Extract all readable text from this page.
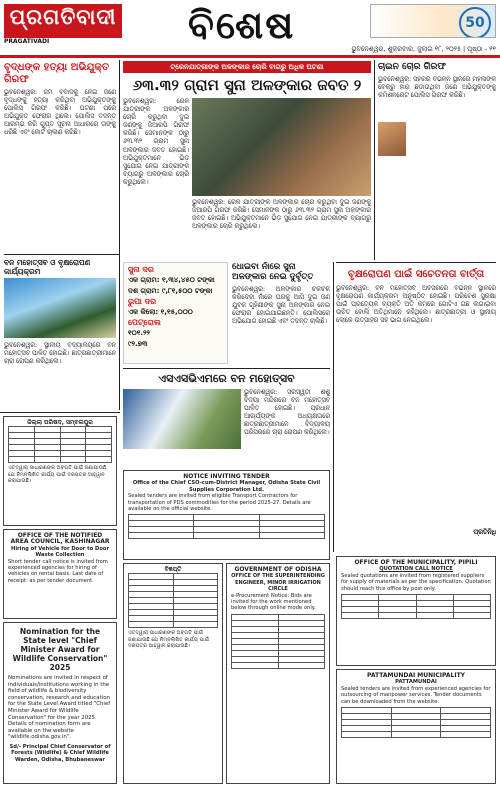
ପ୍ରଗତିବାଦୀ
PRAGATIVADI	ବିଶେଷ	50
ଭୁବନେଶ୍ୱର, ଶୁକ୍ରବାର, ଜୁଲାଇ ୧୮, ୨୦୨୫ | ପୃଷ୍ଠା - ୧୧
ବୃଦ୍ଧଙ୍କ ହତ୍ୟା ଅଭିଯୁକ୍ତ ଗିରଫ
ଭୁବନେଶ୍ୱର: ଜମି ବିବାଦକୁ ନେଇ ଜଣେ ବୃଦ୍ଧଙ୍କୁ ହତ୍ୟା କରିଥିବା ଅଭିଯୁକ୍ତଙ୍କୁ ପୋଲିସ ଗିରଫ କରିଛି। ଘଟଣା ପରେ ଅଭିଯୁକ୍ତ ଫେରାର ଥିଲେ। ପୋଲିସ ତଦନ୍ତ ଆରମ୍ଭ କରି ଗୁପ୍ତ ସୂଚନା ଆଧାରରେ ତାଙ୍କୁ ଧରିଛି ଏବଂ କୋର୍ଟ ଚାଲାଣ କରିଛି।
ଟ୍ରେନଯାତ୍ରୀଙ୍କ ଅଳଙ୍କାର ଚୋରି ବାଗରୁ ଅଧିକ ଘଟଣା
୬୩.୩୨ ଗ୍ରାମ ସୁନା ଅଳଙ୍କାର ଜବତ ୨
ଭୁବନେଶ୍ୱର: ରେଳ ଯାତ୍ରୀଙ୍କ ଅଳଙ୍କାର ଚୋରି କରୁଥିବା ଦୁଇ ଜଣଙ୍କୁ ଜିଆରପି ଗିରଫ କରିଛି। ସେମାନଙ୍କ ଠାରୁ ୬୩.୩୨ ଗ୍ରାମ ସୁନା ଅଳଙ୍କାର ଜବତ ହୋଇଛି। ଅଭିଯୁକ୍ତମାନେ ଭିଡ଼ ସୁଯୋଗ ନେଇ ଯାତ୍ରୀଙ୍କ ବ୍ୟାଗରୁ ଅଳଙ୍କାର ଚୋରି କରୁଥିଲେ।
ଭୁବନେଶ୍ୱର: ରେଳ ଯାତ୍ରୀଙ୍କ ଅଳଙ୍କାର ଚୋରି କରୁଥିବା ଦୁଇ ଜଣଙ୍କୁ ଜିଆରପି ଗିରଫ କରିଛି। ସେମାନଙ୍କ ଠାରୁ ୬୩.୩୨ ଗ୍ରାମ ସୁନା ଅଳଙ୍କାର ଜବତ ହୋଇଛି। ଅଭିଯୁକ୍ତମାନେ ଭିଡ଼ ସୁଯୋଗ ନେଇ ଯାତ୍ରୀଙ୍କ ବ୍ୟାଗରୁ ଅଳଙ୍କାର ଚୋରି କରୁଥିଲେ।
ଚାଇନ ଚୋର ଗିରଫ
ଭୁବନେଶ୍ୱର: ସହରର ବିଭିନ୍ନ ସ୍ଥାନରେ ମହିଳାଙ୍କ ବେକରୁ ହାର ଛଡ଼ାଉଥିବା ଜଣେ ଅଭିଯୁକ୍ତଙ୍କୁ କମିଶନରେଟ ପୋଲିସ ଗିରଫ କରିଛି।
ବୃକ୍ଷରୋପଣ ପାଇଁ ସଚେତନତା ବାର୍ତ୍ତା
ଭୁବନେଶ୍ୱର: ବନ ମହୋତ୍ସବ ଅବସରରେ ବିଭିନ୍ନ ସ୍ଥାନରେ ବୃକ୍ଷରୋପଣ କାର୍ଯ୍ୟକ୍ରମ ଅନୁଷ୍ଠିତ ହୋଇଛି। ପରିବେଶ ସୁରକ୍ଷା ପାଇଁ ପ୍ରତ୍ୟେକ ବ୍ୟକ୍ତି ଅତି କମରେ ଗୋଟିଏ ଗଛ ଲଗାଇବା ଉଚିତ ବୋଲି ଅତିଥିମାନେ କହିଥିଲେ। ଛାତ୍ରଛାତ୍ରୀ ଓ ସ୍ଥାନୀୟ ଲୋକେ ଉତ୍ସାହର ସହ ଭାଗ ନେଇଥିଲେ।
ପ୍ରତିନିଧି
ବନ ମହୋତ୍ସବ ଓ ବୃକ୍ଷରୋପଣ କାର୍ଯ୍ୟକ୍ରମ
ଭୁବନେଶ୍ୱର: ସ୍ଥାନୀୟ ବିଦ୍ୟାଳୟରେ ବନ ମହୋତ୍ସବ ପାଳିତ ହୋଇଛି। ଛାତ୍ରଛାତ୍ରୀମାନେ ଚାରା ରୋପଣ କରିଥିଲେ।
ସୁନା ଦର
ଏକ ଗ୍ରାମ: ୧,୩୪,୪୫୦ ଟଙ୍କା
ଦଶ ଗ୍ରାମ: ୯,୮୧,୫୦୦ ଟଙ୍କା
ରୁପା ଦର
ଏକ କିଲୋ: ୧,୧୫,୦୦୦
ପେଟ୍ରୋଲ
୧୦୧.୨୨
୯୨.୭୩
ଧୋଇବା ନାଁରେ ସୁନା ଅଳଙ୍କାର ନେଇ ଦୁର୍ବୃତ୍ତ
ଭୁବନେଶ୍ୱର: ଅଳଙ୍କାର ଚକଚକ କରିଦେବା ନାଁରେ ଘରକୁ ଆସି ଦୁଇ ଜଣ ଯୁବକ ଗୃହିଣୀଙ୍କ ସୁନା ଅଳଙ୍କାର ନେଇ ଫେରାର ହୋଇଯାଇଛନ୍ତି। ପୋଲିସରେ ଅଭିଯୋଗ ହୋଇଛି ଏବଂ ତଦନ୍ତ ଚାଲିଛି।
ଏସଏସଭିଏମରେ ବନ ମହୋତ୍ସବ
ଭୁବନେଶ୍ୱର: ସରସ୍ୱତୀ ଶିଶୁ ବିଦ୍ୟା ମନ୍ଦିରରେ ବନ ମହୋତ୍ସବ ପାଳିତ ହୋଇଛି। ପ୍ରଧାନ ଆଚାର୍ଯ୍ୟଙ୍କ ଅଧ୍ୟକ୍ଷତାରେ ଛାତ୍ରଛାତ୍ରୀମାନେ ବିଦ୍ୟାଳୟ ପରିସରରେ ଚାରା ରୋପଣ କରିଥିଲେ।
ଜିଲ୍ଲା ପରିଷଦ, ସମ୍ବଲପୁର

ଏତଦ୍ୱାରା ସାଧାରଣଙ୍କ ଅବଗତି ପାଇଁ ଜଣାଯାଉଛି ଯେ ନିମ୍ନଲିଖିତ କାର୍ଯ୍ୟ ପାଇଁ ଦରପତ୍ର ଆହ୍ୱାନ କରାଯାଉଛି।
OFFICE OF THE NOTIFIED AREA COUNCIL, KASHINAGAR
Hiring of Vehicle for Door to Door Waste Collection
Short tender call notice is invited from experienced agencies for hiring of vehicles on rental basis. Last date of receipt: as per tender document.
Nomination for the State level "Chief Minister Award for Wildlife Conservation" 2025
Nominations are invited in respect of individuals/institutions working in the field of wildlife & biodiversity conservation, research and education for the State Level Award titled "Chief Minister Award for Wildlife Conservation" for the year 2025. Details of nomination form are available on the website "wildlife.odisha.gov.in".
Sd/- Principal Chief Conservator of Forests (Wildlife) & Chief Wildlife Warden, Odisha, Bhubaneswar
NOTICE INVITING TENDER
Office of the Chief CSO-cum-District Manager, Odisha State Civil Supplies Corporation Ltd.
Sealed tenders are invited from eligible Transport Contractors for transportation of PDS commodities for the period 2025-27. Details are available on the official website.

ବିଜ୍ଞପ୍ତି

ଏତଦ୍ୱାରା ସାଧାରଣଙ୍କ ଅବଗତି ପାଇଁ ଜଣାଯାଉଛି ଯେ ନିମ୍ନଲିଖିତ କାର୍ଯ୍ୟ ପାଇଁ ଦରପତ୍ର ଆହ୍ୱାନ କରାଯାଉଛି।
GOVERNMENT OF ODISHA
OFFICE OF THE SUPERINTENDING ENGINEER, MINOR IRRIGATION CIRCLE
e-Procurement Notice: Bids are invited for the work mentioned below through online mode only.

OFFICE OF THE MUNICIPALITY, PIPILI
QUOTATION CALL NOTICE
Sealed quotations are invited from registered suppliers for supply of materials as per the specification. Quotation should reach this office by post only.

PATTAMUNDAI MUNICIPALITY
PATTAMUNDAI
Sealed tenders are invited from experienced agencies for outsourcing of manpower services. Tender documents can be downloaded from the website.
